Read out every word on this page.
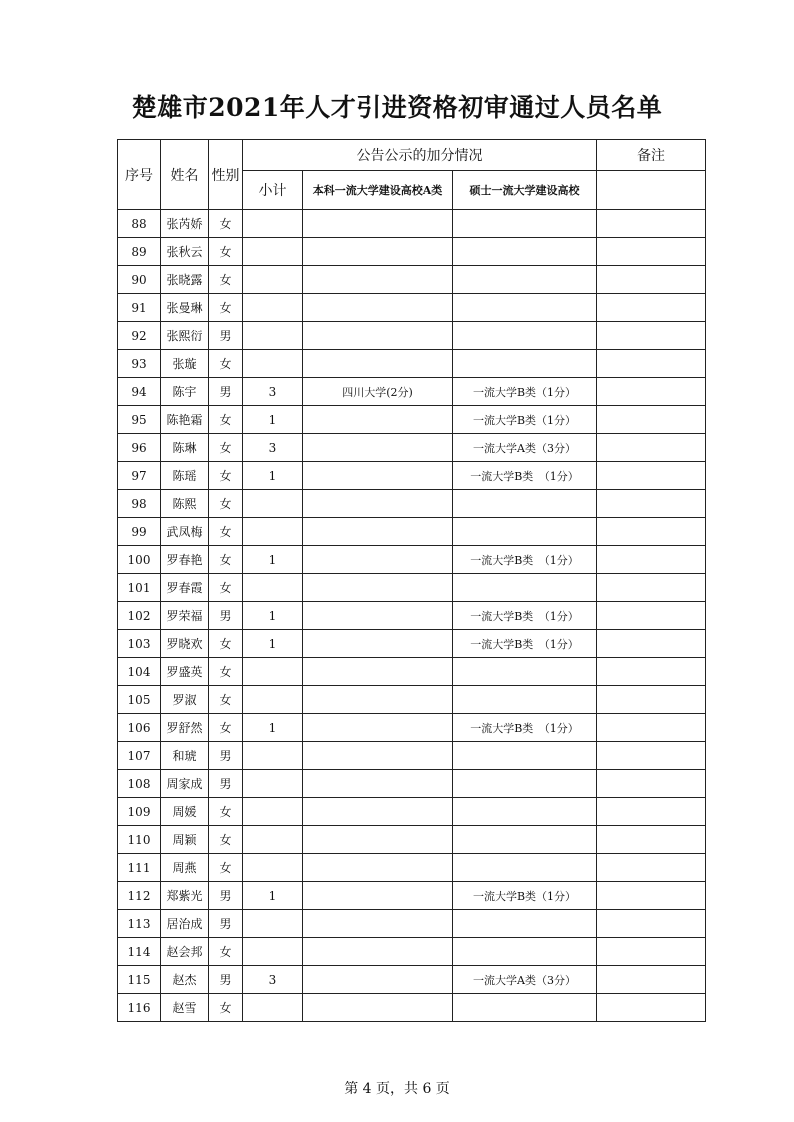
楚雄市2021年人才引进资格初审通过人员名单
序号	姓名	性别	公告公示的加分情况			备注
			小计	本科一流大学建设高校A类	硕士一流大学建设高校	
88	张芮娇	女				
89	张秋云	女				
90	张晓露	女				
91	张曼琳	女				
92	张熙衍	男				
93	张璇	女				
94	陈宇	男	3	四川大学(2分)	一流大学B类（1分）	
95	陈艳霜	女	1		一流大学B类（1分）	
96	陈琳	女	3		一流大学A类（3分）	
97	陈瑶	女	1		一流大学B类　（1分）	
98	陈熙	女				
99	武凤梅	女				
100	罗春艳	女	1		一流大学B类　（1分）	
101	罗春霞	女				
102	罗荣福	男	1		一流大学B类　（1分）	
103	罗晓欢	女	1		一流大学B类　（1分）	
104	罗盛英	女				
105	罗淑	女				
106	罗舒然	女	1		一流大学B类　（1分）	
107	和琥	男				
108	周家成	男				
109	周媛	女				
110	周颖	女				
111	周燕	女				
112	郑紫光	男	1		一流大学B类（1分）	
113	居治成	男				
114	赵会邦	女				
115	赵杰	男	3		一流大学A类（3分）	
116	赵雪	女				
第 4 页，共 6 页
